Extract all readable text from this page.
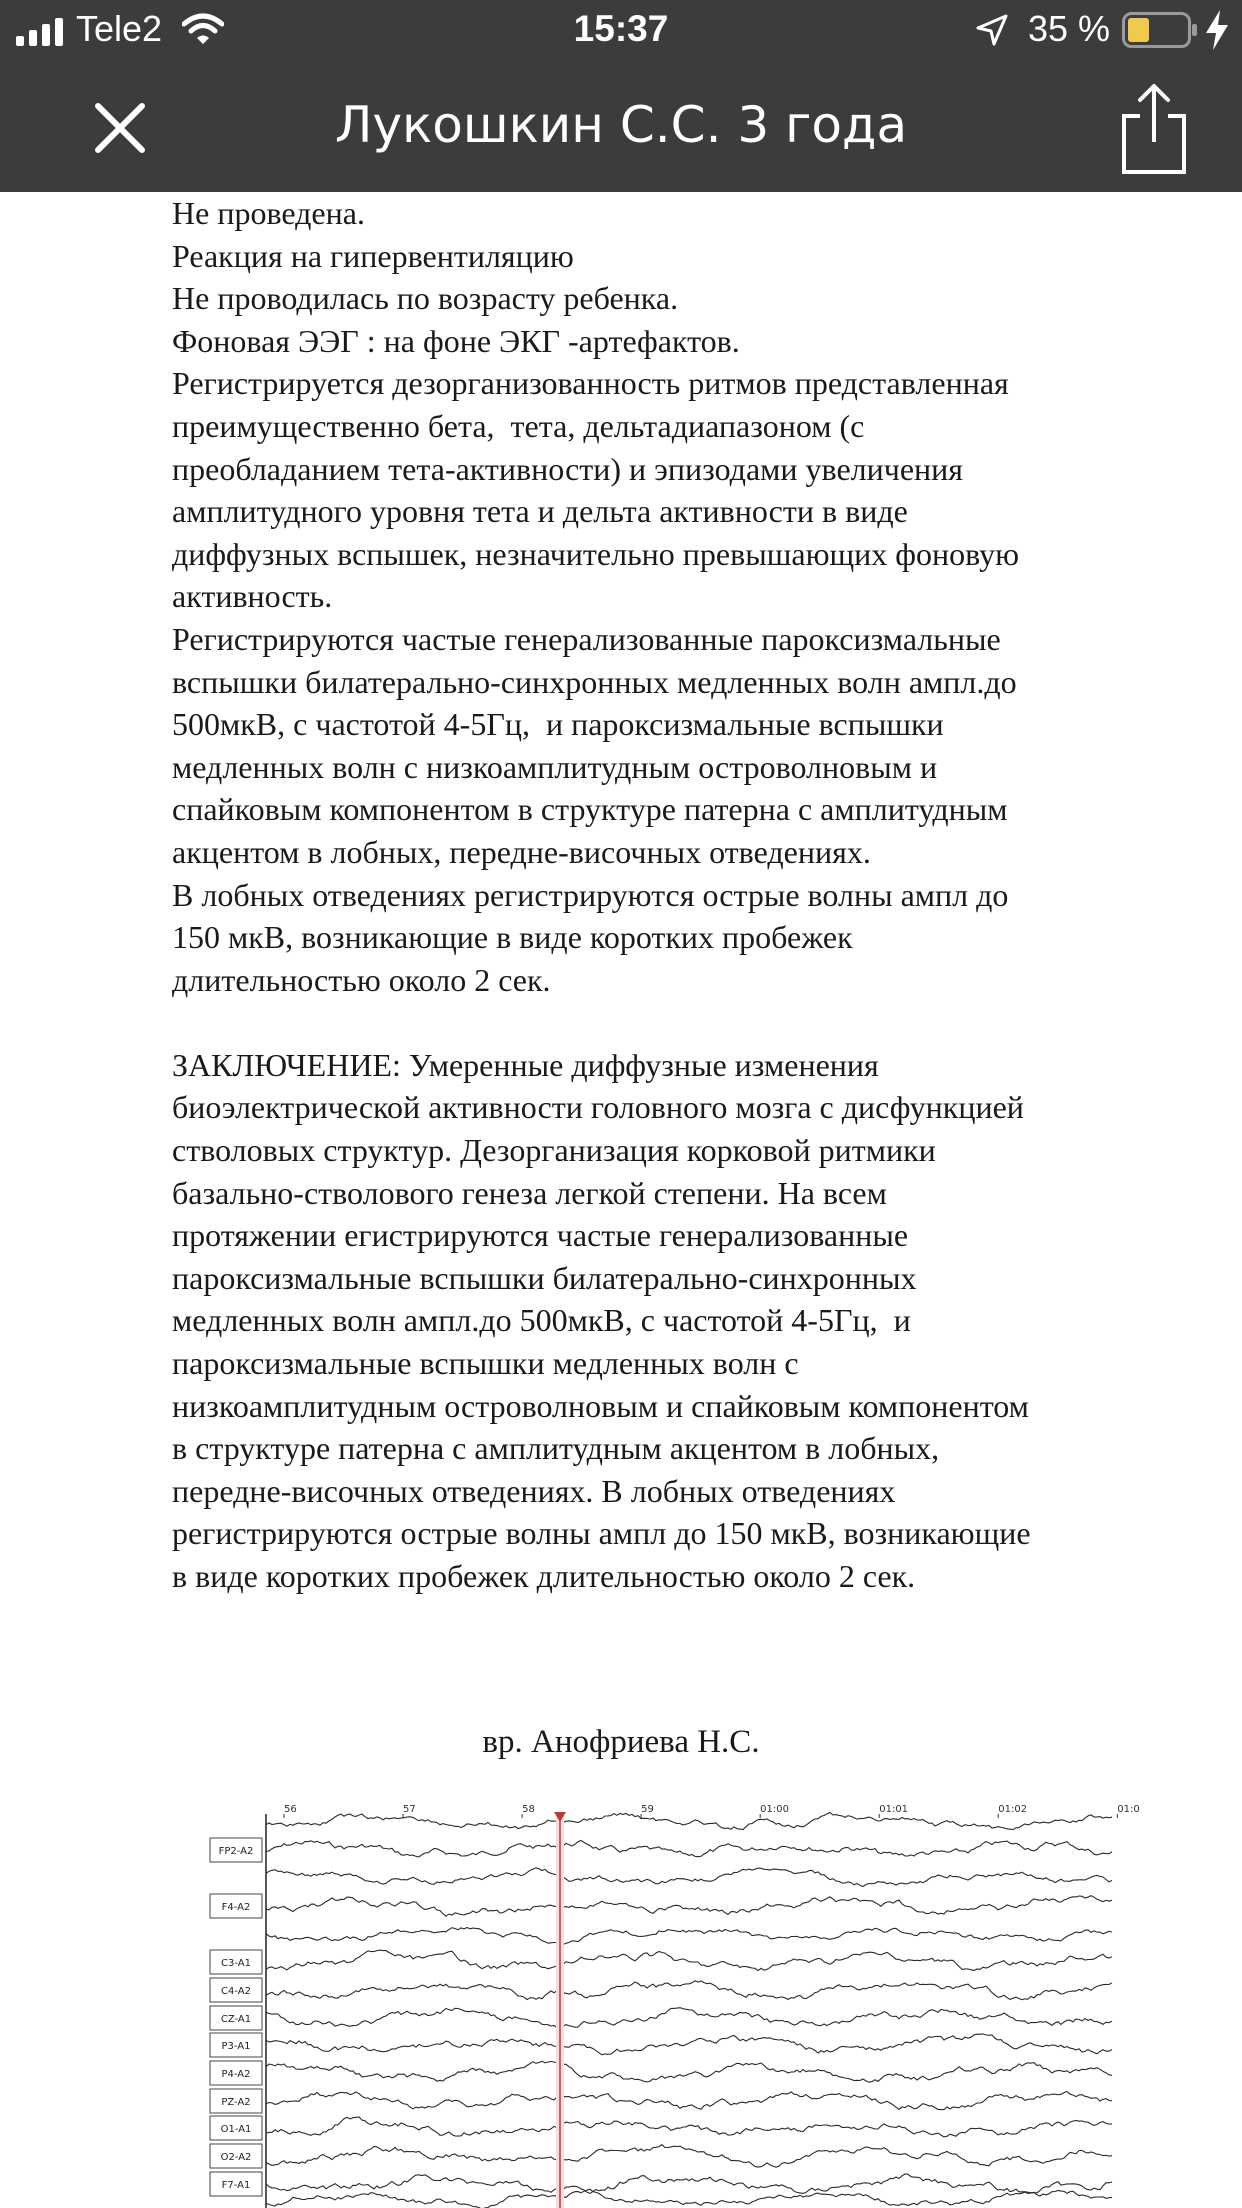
Tele2	15:37	35 %
Лукошкин С.С. 3 года
Не проведена.
Реакция на гипервентиляцию
Не проводилась по возрасту ребенка.
Фоновая ЭЭГ : на фоне ЭКГ -артефактов.
Регистрируется дезорганизованность ритмов представленная
преимущественно бета,  тета, дельтадиапазоном (с
преобладанием тета-активности) и эпизодами увеличения
амплитудного уровня тета и дельта активности в виде
диффузных вспышек, незначительно превышающих фоновую
активность.
Регистрируются частые генерализованные пароксизмальные
вспышки билатерально-синхронных медленных волн ампл.до
500мкВ, с частотой 4-5Гц,  и пароксизмальные вспышки
медленных волн с низкоамплитудным островолновым и
спайковым компонентом в структуре патерна с амплитудным
акцентом в лобных, передне-височных отведениях.
В лобных отведениях регистрируются острые волны ампл до
150 мкВ, возникающие в виде коротких пробежек
длительностью около 2 сек.
ЗАКЛЮЧЕНИЕ: Умеренные диффузные изменения
биоэлектрической активности головного мозга с дисфункцией
стволовых структур. Дезорганизация корковой ритмики
базально-стволового генеза легкой степени. На всем
протяжении егистрируются частые генерализованные
пароксизмальные вспышки билатерально-синхронных
медленных волн ампл.до 500мкВ, с частотой 4-5Гц,  и
пароксизмальные вспышки медленных волн с
низкоамплитудным островолновым и спайковым компонентом
в структуре патерна с амплитудным акцентом в лобных,
передне-височных отведениях. В лобных отведениях
регистрируются острые волны ампл до 150 мкВ, возникающие
в виде коротких пробежек длительностью около 2 сек.
вр. Анофриева Н.С.
56	57	58	59	01:00	01:01	01:02	01:0
FP2-A2
F4-A2
C3-A1
C4-A2
CZ-A1
P3-A1
P4-A2
PZ-A2
O1-A1
O2-A2
F7-A1
